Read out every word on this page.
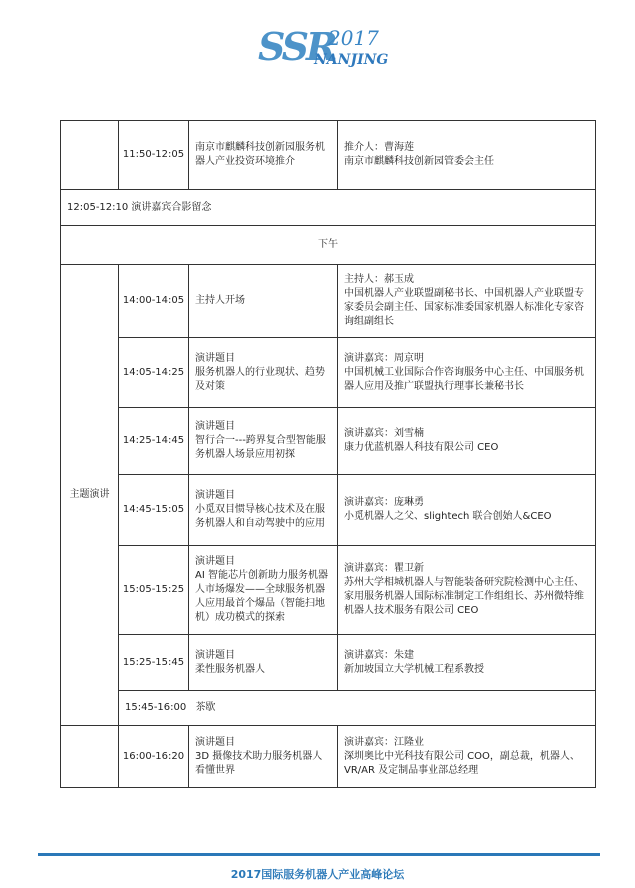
SSR
2017
NANJING
	11:50-12:05	南京市麒麟科技创新园服务机器人产业投资环境推介	推介人：曹海莲
南京市麒麟科技创新园管委会主任

12:05-12:10 演讲嘉宾合影留念			
下午			
主题演讲	14:00-14:05	主持人开场	主持人：郝玉成
中国机器人产业联盟副秘书长、中国机器人产业联盟专家委员会副主任、国家标准委国家机器人标准化专家咨询组副组长

	14:05-14:25	演讲题目
服务机器人的行业现状、趋势及对策	演讲嘉宾：周京明
中国机械工业国际合作咨询服务中心主任、中国服务机器人应用及推广联盟执行理事长兼秘书长

	14:25-14:45	演讲题目
智行合一---跨界复合型智能服务机器人场景应用初探	演讲嘉宾：刘雪楠
康力优蓝机器人科技有限公司 CEO

	14:45-15:05	演讲题目
小觅双目惯导核心技术及在服务机器人和自动驾驶中的应用	演讲嘉宾：庞琳勇
小觅机器人之父、slightech 联合创始人&CEO

	15:05-15:25	演讲题目
AI 智能芯片创新助力服务机器人市场爆发——全球服务机器人应用最首个爆品（智能扫地机）成功模式的探索	演讲嘉宾：瞿卫新
苏州大学相城机器人与智能装备研究院检测中心主任、家用服务机器人国际标准制定工作组组长、苏州微特维机器人技术服务有限公司 CEO

	15:25-15:45	演讲题目
柔性服务机器人	演讲嘉宾：朱建
新加坡国立大学机械工程系教授

	15:45-16:00 茶歇		
	16:00-16:20	演讲题目
3D 摄像技术助力服务机器人看懂世界	演讲嘉宾：江隆业
深圳奥比中光科技有限公司 COO，副总裁，机器人、VR/AR 及定制品事业部总经理
2017国际服务机器人产业高峰论坛
